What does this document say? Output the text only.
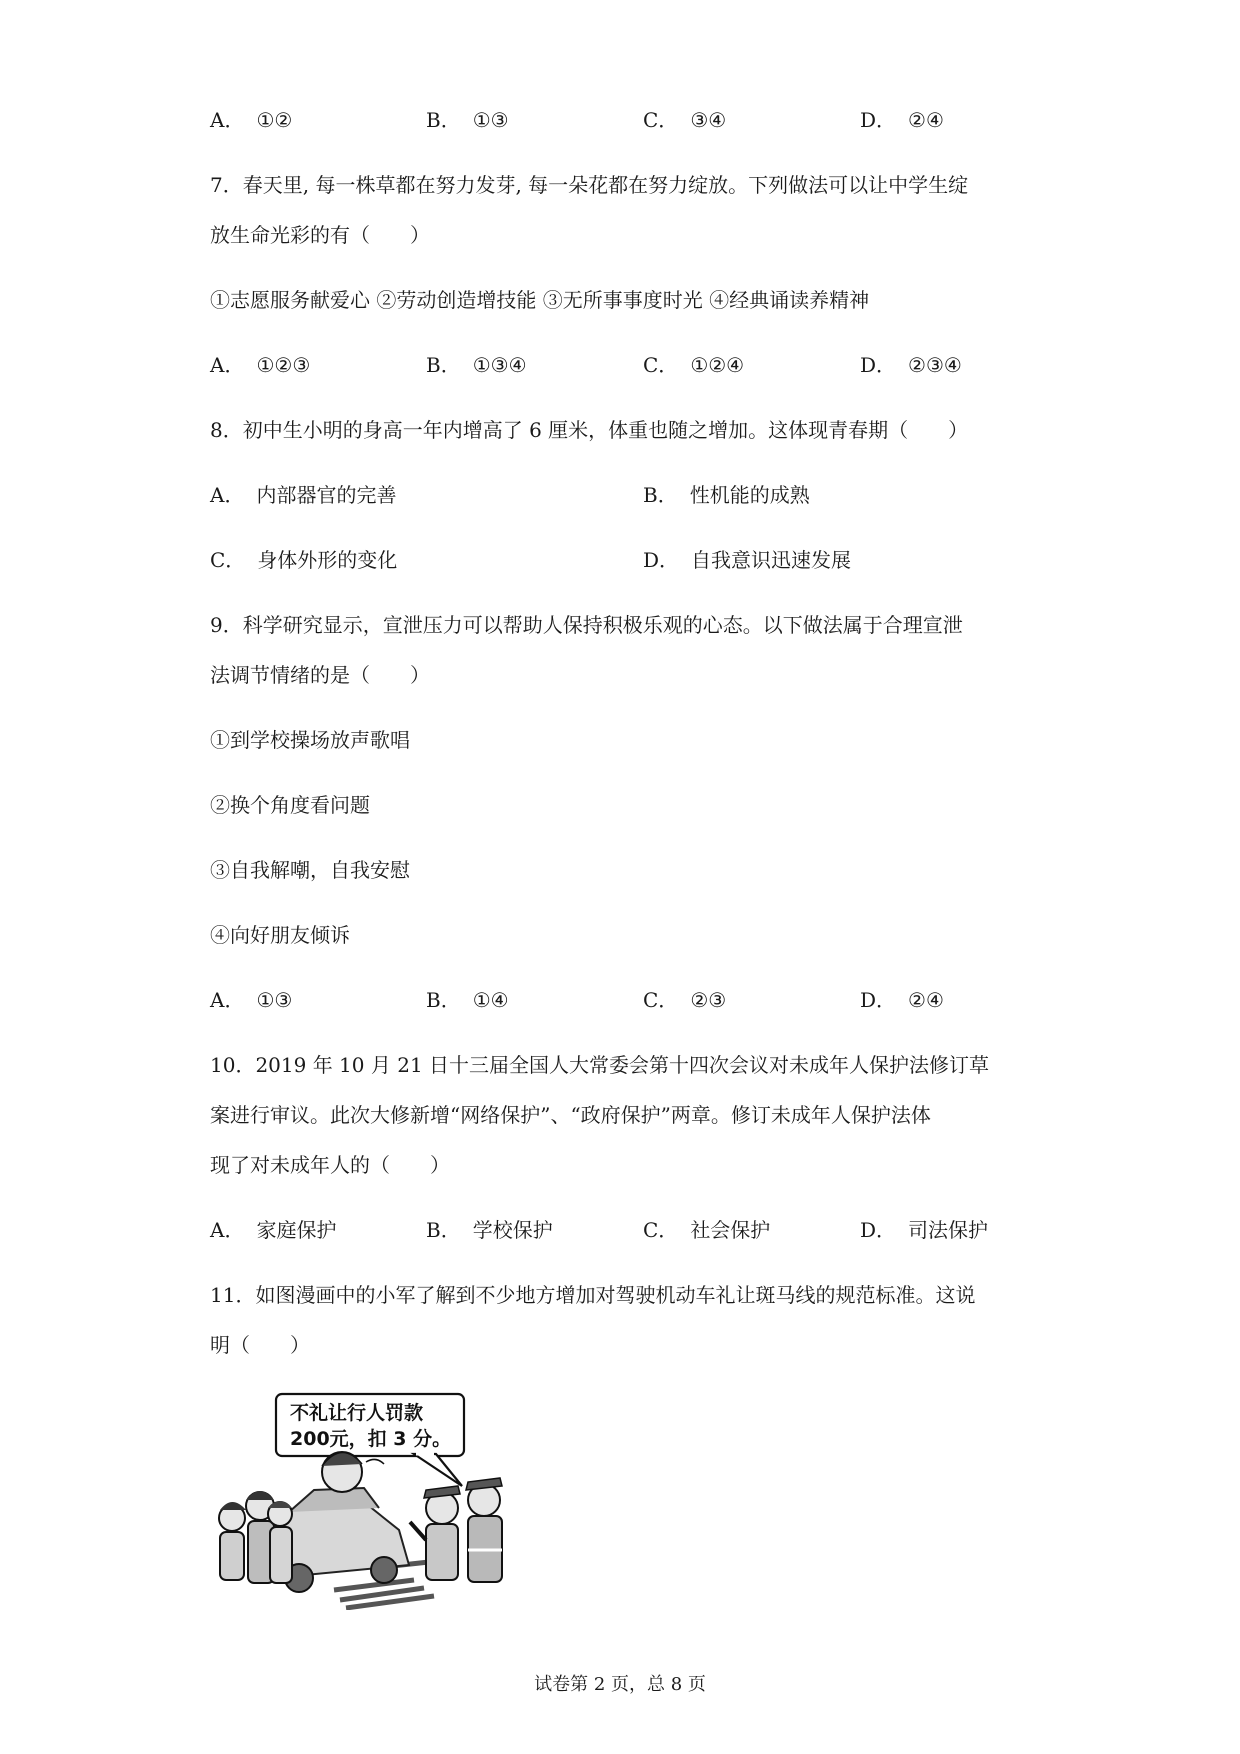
A． ①②	B． ①③	C． ③④	D． ②④
7．春天里, 每一株草都在努力发芽, 每一朵花都在努力绽放。下列做法可以让中学生绽
放生命光彩的有（　　）
①志愿服务献爱心 ②劳动创造增技能 ③无所事事度时光 ④经典诵读养精神
A． ①②③	B． ①③④	C． ①②④	D． ②③④
8．初中生小明的身高一年内增高了 6 厘米，体重也随之增加。这体现青春期（　　）
A． 内部器官的完善	B． 性机能的成熟
C． 身体外形的变化	D． 自我意识迅速发展
9．科学研究显示，宣泄压力可以帮助人保持积极乐观的心态。以下做法属于合理宣泄
法调节情绪的是（　　）
①到学校操场放声歌唱
②换个角度看问题
③自我解嘲，自我安慰
④向好朋友倾诉
A． ①③	B． ①④	C． ②③	D． ②④
10．2019 年 10 月 21 日十三届全国人大常委会第十四次会议对未成年人保护法修订草
案进行审议。此次大修新增“网络保护”、“政府保护”两章。修订未成年人保护法体
现了对未成年人的（　　）
A． 家庭保护	B． 学校保护	C． 社会保护	D． 司法保护
11．如图漫画中的小军了解到不少地方增加对驾驶机动车礼让斑马线的规范标准。这说
明（　　）
不礼让行人罚款
200元，扣 3 分。
试卷第 2 页，总 8 页
